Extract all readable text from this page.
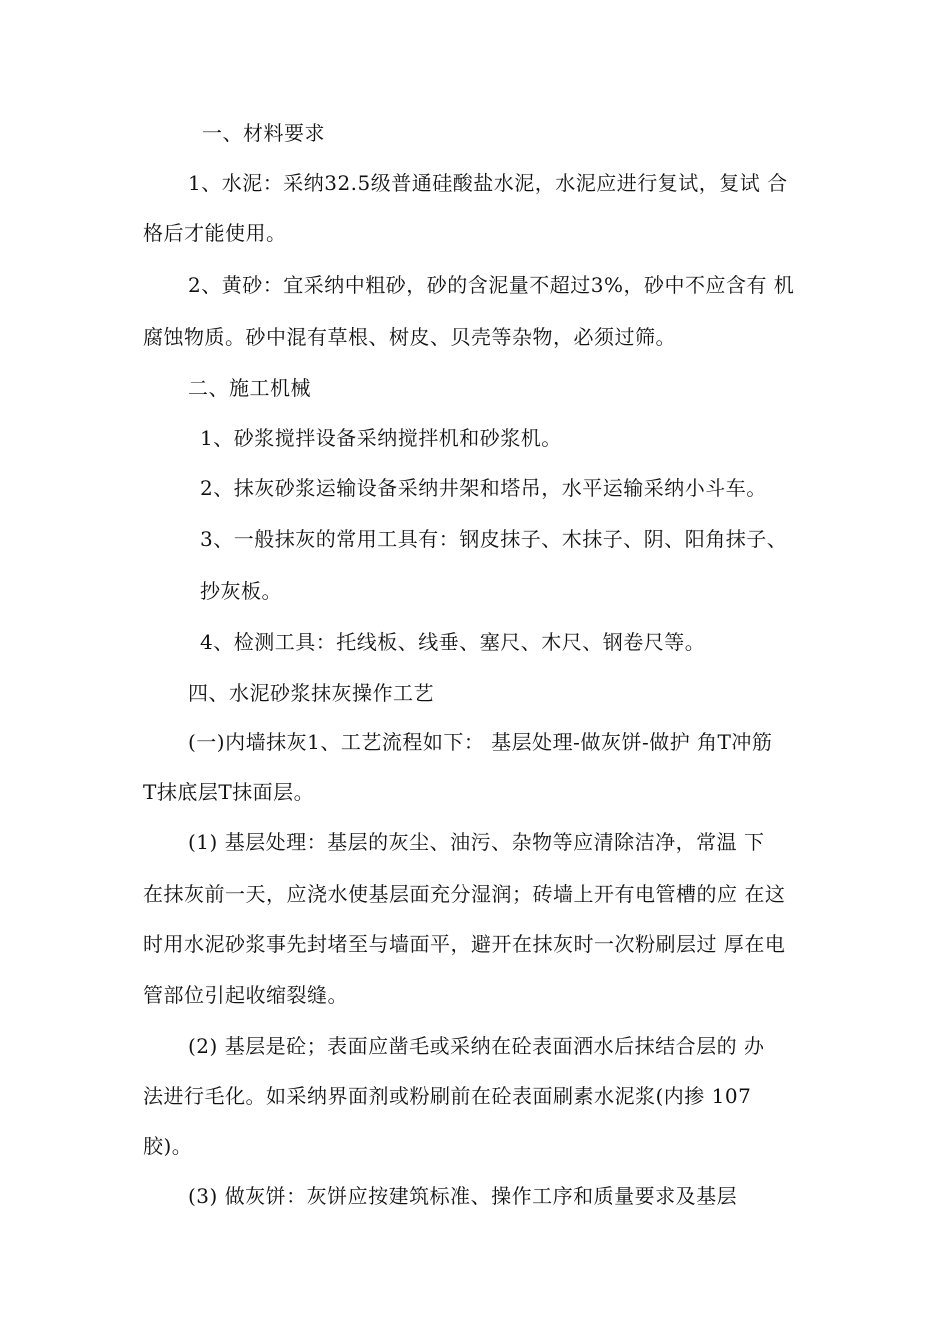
一、材料要求
1、水泥：采纳32.5级普通硅酸盐水泥，水泥应进行复试，复试 合
格后才能使用。
2、黄砂：宜采纳中粗砂，砂的含泥量不超过3%，砂中不应含有 机
腐蚀物质。砂中混有草根、树皮、贝壳等杂物，必须过筛。
二、施工机械
1、砂浆搅拌设备采纳搅拌机和砂浆机。
2、抹灰砂浆运输设备采纳井架和塔吊，水平运输采纳小斗车。
3、一般抹灰的常用工具有：钢皮抹子、木抹子、阴、阳角抹子、
抄灰板。
4、检测工具：托线板、线垂、塞尺、木尺、钢卷尺等。
四、水泥砂浆抹灰操作工艺
(一)内墙抹灰1、工艺流程如下： 基层处理-做灰饼-做护 角T冲筋
T抹底层T抹面层。
(1) 基层处理：基层的灰尘、油污、杂物等应清除洁净，常温 下
在抹灰前一天，应浇水使基层面充分湿润；砖墙上开有电管槽的应 在这
时用水泥砂浆事先封堵至与墙面平，避开在抹灰时一次粉刷层过 厚在电
管部位引起收缩裂缝。
(2) 基层是砼；表面应凿毛或采纳在砼表面洒水后抹结合层的 办
法进行毛化。如采纳界面剂或粉刷前在砼表面刷素水泥浆(内掺 107
胶)。
(3) 做灰饼：灰饼应按建筑标准、操作工序和质量要求及基层
